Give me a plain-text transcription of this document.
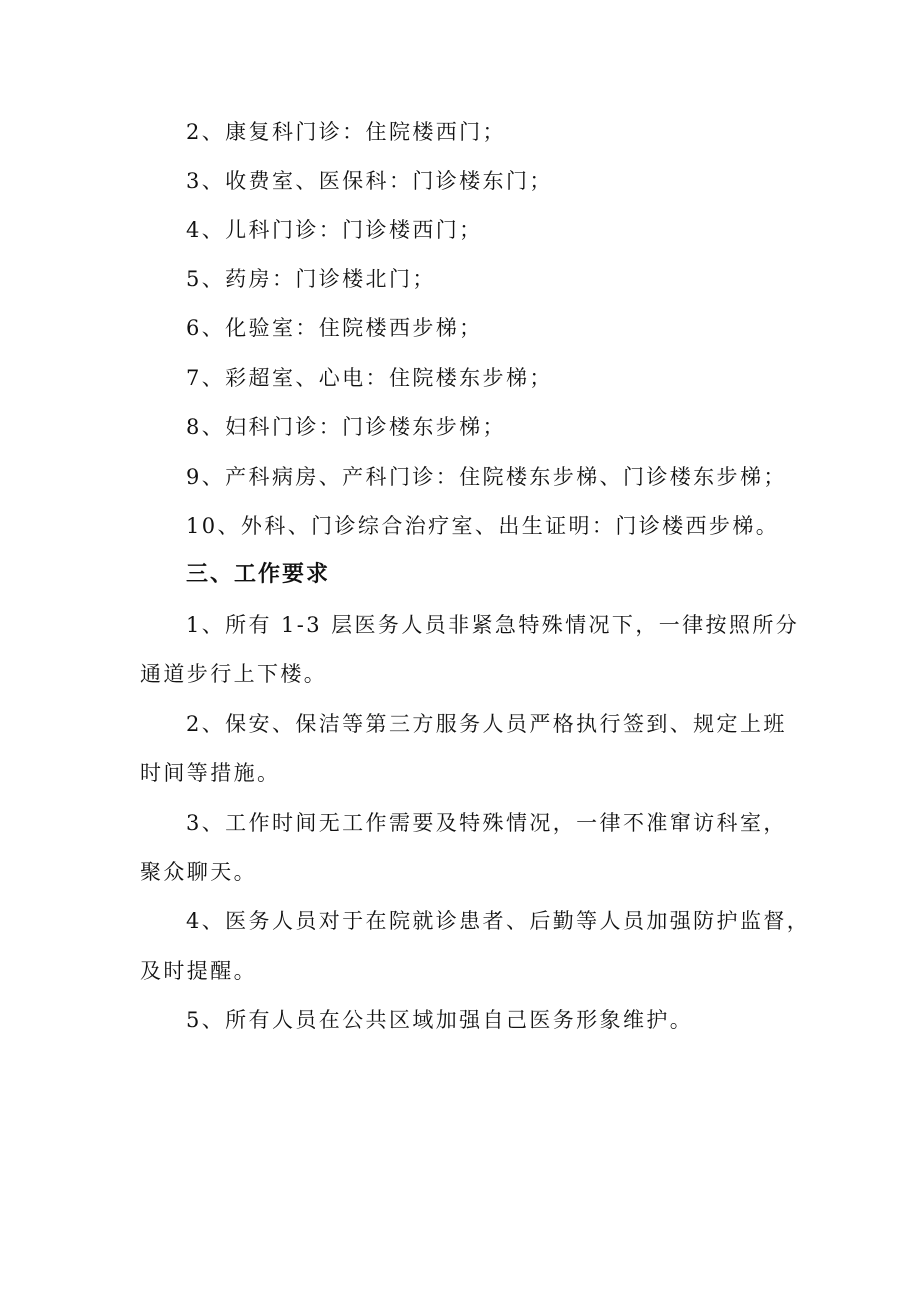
2、康复科门诊：住院楼西门；
3、收费室、医保科：门诊楼东门；
4、儿科门诊：门诊楼西门；
5、药房：门诊楼北门；
6、化验室：住院楼西步梯；
7、彩超室、心电：住院楼东步梯；
8、妇科门诊：门诊楼东步梯；
9、产科病房、产科门诊：住院楼东步梯、门诊楼东步梯；
10、外科、门诊综合治疗室、出生证明：门诊楼西步梯。
三、工作要求
1、所有 1-3 层医务人员非紧急特殊情况下，一律按照所分
通道步行上下楼。
2、保安、保洁等第三方服务人员严格执行签到、规定上班
时间等措施。
3、工作时间无工作需要及特殊情况，一律不准窜访科室，
聚众聊天。
4、医务人员对于在院就诊患者、后勤等人员加强防护监督，
及时提醒。
5、所有人员在公共区域加强自己医务形象维护。
